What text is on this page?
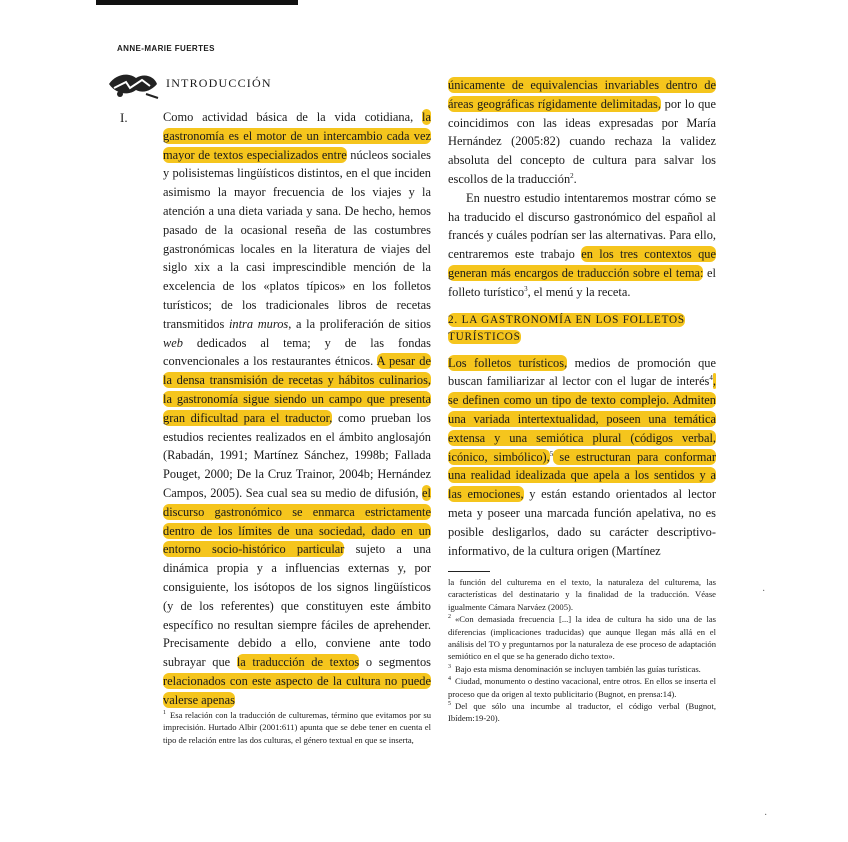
ANNE-MARIE FUERTES
INTRODUCCIÓN
I.	Como actividad básica de la vida cotidiana, la gastronomía es el motor de un intercambio cada vez mayor de textos especializados entre núcleos sociales y polisistemas lingüísticos distintos, en el que inciden asimismo la mayor frecuencia de los viajes y la atención a una dieta variada y sana. De hecho, hemos pasado de la ocasional reseña de las costumbres gastronómicas locales en la literatura de viajes del siglo xix a la casi imprescindible mención de la excelencia de los «platos típicos» en los folletos turísticos; de los tradicionales libros de recetas transmitidos intra muros, a la proliferación de sitios web dedicados al tema; y de las fondas convencionales a los restaurantes étnicos. A pesar de la densa transmisión de recetas y hábitos culinarios, la gastronomía sigue siendo un campo que presenta gran dificultad para el traductor, como prueban los estudios recientes realizados en el ámbito anglosajón (Rabadán, 1991; Martínez Sánchez, 1998b; Fallada Pouget, 2000; De la Cruz Trainor, 2004b; Hernández Campos, 2005). Sea cual sea su medio de difusión, el discurso gastronómico se enmarca estrictamente dentro de los límites de una sociedad, dado en un entorno socio-histórico particular sujeto a una dinámica propia y a influencias externas y, por consiguiente, los isótopos de los signos lingüísticos (y de los referentes) que constituyen este ámbito específico no resultan siempre fáciles de aprehender. Precisamente debido a ello, conviene ante todo subrayar que la traducción de textos o segmentos relacionados con este aspecto de la cultura no puede valerse apenas

$^1$ Esa relación con la traducción de culturemas, término que evitamos por su imprecisión. Hurtado Albir (2001:611) apunta que se debe tener en cuenta el tipo de relación entre las dos culturas, el género textual en que se inserta,

únicamente de equivalencias invariables dentro de áreas geográficas rígidamente delimitadas, por lo que coincidimos con las ideas expresadas por María Hernández (2005:82) cuando rechaza la validez absoluta del concepto de cultura para salvar los escollos de la traducción$^2$.

En nuestro estudio intentaremos mostrar cómo se ha traducido el discurso gastronómico del español al francés y cuáles podrían ser las alternativas. Para ello, centraremos este trabajo en los tres contextos que generan más encargos de traducción sobre el tema: el folleto turístico$^3$, el menú y la receta.

2. LA GASTRONOMÍA EN LOS FOLLETOS TURÍSTICOS

Los folletos turísticos, medios de promoción que buscan familiarizar al lector con el lugar de interés$^4$, se definen como un tipo de texto complejo. Admiten una variada intertextualidad, poseen una temática extensa y una semiótica plural (códigos verbal, icónico, simbólico),$^5$ se estructuran para conformar una realidad idealizada que apela a los sentidos y a las emociones, y están estando orientados al lector meta y poseer una marcada función apelativa, no es posible desligarlos, dado su carácter descriptivo-informativo, de la cultura origen (Martínez

la función del culturema en el texto, la naturaleza del culturema, las características del destinatario y la finalidad de la traducción. Véase igualmente Cámara Narváez (2005).

$^2$ «Con demasiada frecuencia [...] la idea de cultura ha sido una de las diferencias (implicaciones traducidas) que aunque llegan más allá en el análisis del TO y preguntarnos por la naturaleza de ese proceso de adaptación semiótico en el que se ha generado dicho texto».

$^3$ Bajo esta misma denominación se incluyen también las guías turísticas.

$^4$ Ciudad, monumento o destino vacacional, entre otros. En ellos se inserta el proceso que da origen al texto publicitario (Bugnot, en prensa:14).

$^5$ Del que sólo una incumbe al traductor, el código verbal (Bugnot, Ibídem:19-20).

·
·
